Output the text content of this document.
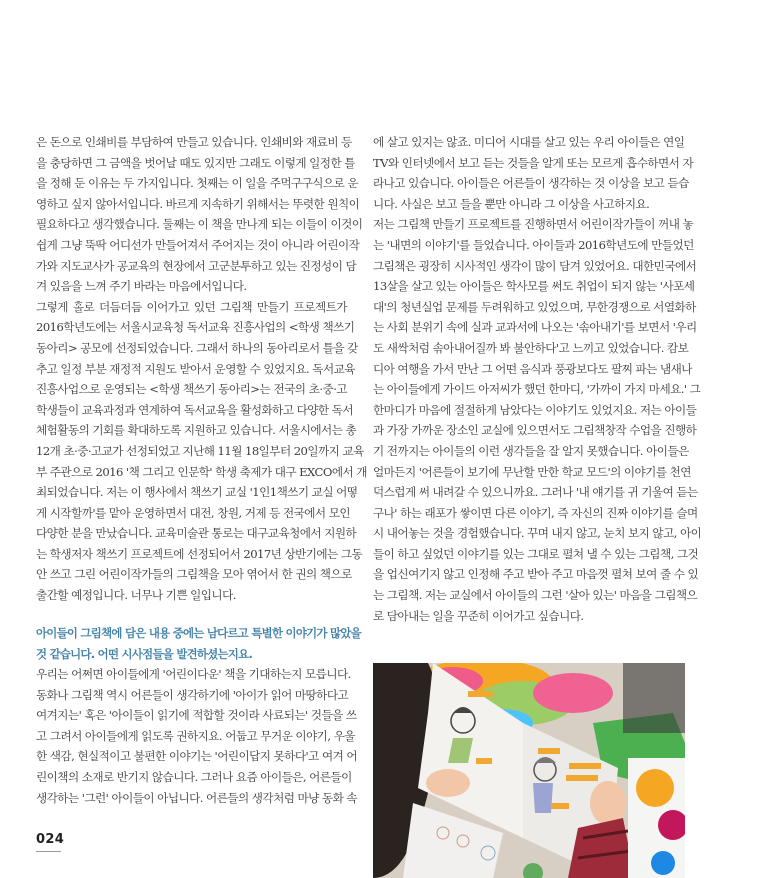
은 돈으로 인쇄비를 부담하여 만들고 있습니다. 인쇄비와 재료비 등
을 충당하면 그 금액을 벗어날 때도 있지만 그래도 이렇게 일정한 틀
을 정해 둔 이유는 두 가지입니다. 첫째는 이 일을 주먹구구식으로 운
영하고 싶지 않아서입니다. 바르게 지속하기 위해서는 뚜렷한 원칙이
필요하다고 생각했습니다. 둘째는 이 책을 만나게 되는 이들이 이것이
쉽게 그냥 뚝딱 어디선가 만들어져서 주어지는 것이 아니라 어린이작
가와 지도교사가 공교육의 현장에서 고군분투하고 있는 진정성이 담
겨 있음을 느껴 주기 바라는 마음에서입니다.
그렇게 홀로 더듬더듬 이어가고 있던 그림책 만들기 프로젝트가
2016학년도에는 서울시교육청 독서교육 진흥사업의 <학생 책쓰기
동아리> 공모에 선정되었습니다. 그래서 하나의 동아리로서 틀을 갖
추고 일정 부분 재정적 지원도 받아서 운영할 수 있었지요. 독서교육
진흥사업으로 운영되는 <학생 책쓰기 동아리>는 전국의 초·중·고
학생들이 교육과정과 연계하여 독서교육을 활성화하고 다양한 독서
체험활동의 기회를 확대하도록 지원하고 있습니다. 서울시에서는 총
12개 초·중·고교가 선정되었고 지난해 11월 18일부터 20일까지 교육
부 주관으로 2016 '책 그리고 인문학' 학생 축제가 대구 EXCO에서 개
최되었습니다. 저는 이 행사에서 책쓰기 교실 '1인1책쓰기 교실 어떻
게 시작할까'를 맡아 운영하면서 대전, 창원, 거제 등 전국에서 모인
다양한 분을 만났습니다. 교육미술관 통로는 대구교육청에서 지원하
는 학생저자 책쓰기 프로젝트에 선정되어서 2017년 상반기에는 그동
안 쓰고 그린 어린이작가들의 그림책을 모아 엮어서 한 권의 책으로
출간할 예정입니다. 너무나 기쁜 일입니다.
아이들이 그림책에 담은 내용 중에는 남다르고 특별한 이야기가 많았을
것 같습니다. 어떤 시사점들을 발견하셨는지요.
우리는 어쩌면 아이들에게 '어린이다운' 책을 기대하는지 모릅니다.
동화나 그림책 역시 어른들이 생각하기에 '아이가 읽어 마땅하다고
여겨지는' 혹은 '아이들이 읽기에 적합할 것이라 사료되는' 것들을 쓰
고 그려서 아이들에게 읽도록 권하지요. 어둡고 무거운 이야기, 우울
한 색감, 현실적이고 불편한 이야기는 '어린이답지 못하다'고 여겨 어
린이책의 소재로 반기지 않습니다. 그러나 요즘 아이들은, 어른들이
생각하는 '그런' 아이들이 아닙니다. 어른들의 생각처럼 마냥 동화 속
024
에 살고 있지는 않죠. 미디어 시대를 살고 있는 우리 아이들은 연일
TV와 인터넷에서 보고 듣는 것들을 알게 또는 모르게 흡수하면서 자
라나고 있습니다. 아이들은 어른들이 생각하는 것 이상을 보고 듣습
니다. 사실은 보고 들을 뿐만 아니라 그 이상을 사고하지요.
저는 그림책 만들기 프로젝트를 진행하면서 어린이작가들이 꺼내 놓
는 '내면의 이야기'를 들었습니다. 아이들과 2016학년도에 만들었던
그림책은 굉장히 시사적인 생각이 많이 담겨 있었어요. 대한민국에서
13살을 살고 있는 아이들은 학사모를 써도 취업이 되지 않는 '사포세
대'의 청년실업 문제를 두려워하고 있었으며, 무한경쟁으로 서열화하
는 사회 분위기 속에 실과 교과서에 나오는 '솎아내기'를 보면서 '우리
도 새싹처럼 솎아내어질까 봐 불안하다'고 느끼고 있었습니다. 캄보
디아 여행을 가서 만난 그 어떤 음식과 풍광보다도 팔찌 파는 냄새나
는 아이들에게 가이드 아저씨가 했던 한마디, '가까이 가지 마세요.' 그
한마디가 마음에 절절하게 남았다는 이야기도 있었지요. 저는 아이들
과 가장 가까운 장소인 교실에 있으면서도 그림책창작 수업을 진행하
기 전까지는 아이들의 이런 생각들을 잘 알지 못했습니다. 아이들은
얼마든지 '어른들이 보기에 무난할 만한 학교 모드'의 이야기를 천연
덕스럽게 써 내려갈 수 있으니까요. 그러나 '내 얘기를 귀 기울여 듣는
구나' 하는 래포가 쌓이면 다른 이야기, 즉 자신의 진짜 이야기를 슬며
시 내어놓는 것을 경험했습니다. 꾸며 내지 않고, 눈치 보지 않고, 아이
들이 하고 싶었던 이야기를 있는 그대로 펼쳐 낼 수 있는 그림책, 그것
을 업신여기지 않고 인정해 주고 받아 주고 마음껏 펼쳐 보여 줄 수 있
는 그림책. 저는 교실에서 아이들의 그런 '살아 있는' 마음을 그림책으
로 담아내는 일을 꾸준히 이어가고 싶습니다.
